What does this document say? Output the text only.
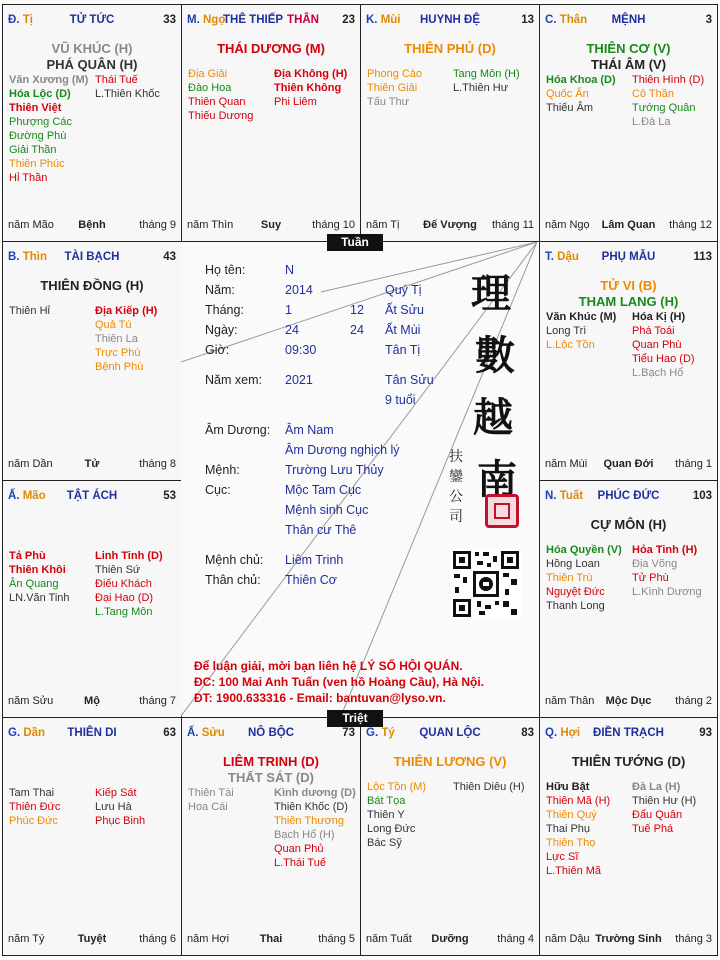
Đ. Tị	TỬ TỨC	33
VŨ KHÚC (H)
PHÁ QUÂN (H)
Văn Xương (M)
Hóa Lộc (D)
Thiên Việt
Phượng Các
Đường Phù
Giải Thần
Thiên Phúc
Hỉ Thần
Thái Tuế
L.Thiên Khốc
năm Mão	Bệnh	tháng 9
M. Ngọ
THÊ THIẾP THÂN	23
THÁI DƯƠNG (M)
Địa Giải
Đào Hoa
Thiên Quan
Thiếu Dương
Địa Không (H)
Thiên Không
Phi Liêm
năm Thìn	Suy	tháng 10
K. Mùi	HUYNH ĐỆ	13
THIÊN PHỦ (D)
Phong Cáo
Thiên Giải
Tấu Thư
Tang Môn (H)
L.Thiên Hư
năm Tị	Đế Vượng	tháng 11
C. Thân	MỆNH	3
THIÊN CƠ (V)
THÁI ÂM (V)
Hóa Khoa (D)
Quốc Ấn
Thiếu Âm
Thiên Hình (D)
Cô Thần
Tướng Quân
L.Đà La
năm Ngọ	Lâm Quan	tháng 12
B. Thìn	TÀI BẠCH	43
THIÊN ĐỒNG (H)
Thiên Hỉ	Địa Kiếp (H)
Quả Tú
Thiên La
Trực Phù
Bệnh Phù
năm Dần	Tử	tháng 8
T. Dậu	PHỤ MẪU	113
TỬ VI (B)
THAM LANG (H)
Văn Khúc (M)
Long Trì
L.Lộc Tồn
Hóa Kị (H)
Phá Toái
Quan Phù
Tiểu Hao (D)
L.Bạch Hổ
năm Mùi	Quan Đới	tháng 1
Ấ. Mão	TẬT ÁCH	53
Tả Phù
Thiên Khôi
Ân Quang
LN.Văn Tinh
Linh Tinh (D)
Thiên Sứ
Điếu Khách
Đại Hao (D)
L.Tang Môn
năm Sửu	Mộ	tháng 7
N. Tuất	PHÚC ĐỨC	103
CỰ MÔN (H)
Hóa Quyền (V)
Hồng Loan
Thiên Trù
Nguyệt Đức
Thanh Long
Hỏa Tinh (H)
Địa Võng
Tử Phù
L.Kình Dương
năm Thân	Mộc Dục	tháng 2
G. Dần	THIÊN DI	63
Tam Thai
Thiên Đức
Phúc Đức
Kiếp Sát
Lưu Hà
Phục Binh
năm Tý	Tuyệt	tháng 6
Ấ. Sửu	NÔ BỘC	73
LIÊM TRINH (D)
THẤT SÁT (D)
Thiên Tài
Hoa Cái
Kình dương (D)
Thiên Khốc (D)
Thiên Thương
Bạch Hổ (H)
Quan Phủ
L.Thái Tuế
năm Hợi	Thai	tháng 5
G. Tý	QUAN LỘC	83
THIÊN LƯƠNG (V)
Lộc Tồn (M)
Bát Tọa
Thiên Y
Long Đức
Bác Sỹ
Thiên Diêu (H)
năm Tuất	Dưỡng	tháng 4
Q. Hợi	ĐIỀN TRẠCH	93
THIÊN TƯỚNG (D)
Hữu Bật
Thiên Mã (H)
Thiên Quý
Thai Phụ
Thiên Thọ
Lực Sĩ
L.Thiên Mã
Đà La (H)
Thiên Hư (H)
Đẩu Quân
Tuế Phá
năm Dậu Trường Sinh	tháng 3
Họ tên:	N
Năm:	2014	Quý Tị
Tháng:	1	12 Ất Sửu
Ngày:	24	24 Ất Mùi
Giờ:	09:30	Tân Tị
Năm xem: 2021	Tân Sửu
9 tuổi
Âm Dương: Âm Nam
Âm Dương nghịch lý
Mệnh:	Trường Lưu Thủy
Cục:	Mộc Tam Cục
Mệnh sinh Cục
Thân cư Thê
Mệnh chủ: Liêm Trinh
Thân chủ: Thiên Cơ
理
數
越
南
扶
鑾
公
司
Để luận giải, mời bạn liên hệ LÝ SỐ HỘI QUÁN.
ĐC: 100 Mai Anh Tuấn (ven hồ Hoàng Cầu), Hà Nội.
ĐT: 1900.633316 - Email: bantuvan@lyso.vn.
Tuần
Triệt
